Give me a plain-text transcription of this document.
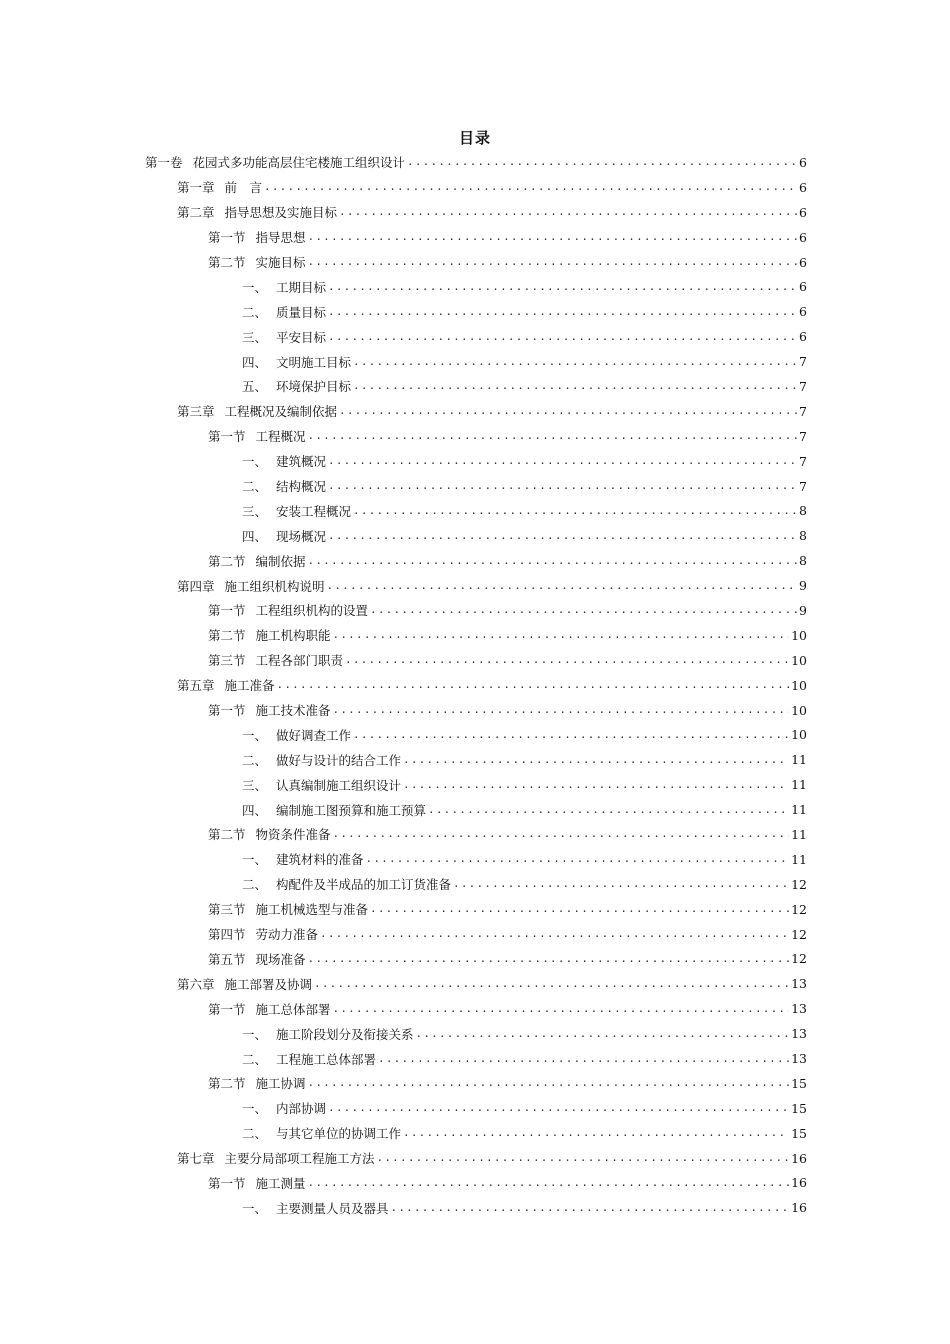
目录
第一卷 花园式多功能高层住宅楼施工组织设计 .....	6
第一章 前　言 .....	6
第二章 指导思想及实施目标 .....	6
第一节 指导思想 .....	6
第二节 实施目标 .....	6
一、 工期目标 .....	6
二、 质量目标 .....	6
三、 平安目标 .....	6
四、 文明施工目标 .....	7
五、 环境保护目标 .....	7
第三章 工程概况及编制依据 .....	7
第一节 工程概况 .....	7
一、 建筑概况 .....	7
二、 结构概况 .....	7
三、 安装工程概况 .....	8
四、 现场概况 .....	8
第二节 编制依据 .....	8
第四章 施工组织机构说明 .....	9
第一节 工程组织机构的设置 .....	9
第二节 施工机构职能 .....	10
第三节 工程各部门职责 .....	10
第五章 施工准备 .....	10
第一节 施工技术准备 .....	10
一、 做好调查工作 .....	10
二、 做好与设计的结合工作 .....	11
三、 认真编制施工组织设计 .....	11
四、 编制施工图预算和施工预算 .....	11
第二节 物资条件准备 .....	11
一、 建筑材料的准备 .....	11
二、 构配件及半成品的加工订货准备 .....	12
第三节 施工机械选型与准备 .....	12
第四节 劳动力准备 .....	12
第五节 现场准备 .....	12
第六章 施工部署及协调 .....	13
第一节 施工总体部署 .....	13
一、 施工阶段划分及衔接关系 .....	13
二、 工程施工总体部署 .....	13
第二节 施工协调 .....	15
一、 内部协调 .....	15
二、 与其它单位的协调工作 .....	15
第七章 主要分局部项工程施工方法 .....	16
第一节 施工测量 .....	16
一、 主要测量人员及器具 .....	16
